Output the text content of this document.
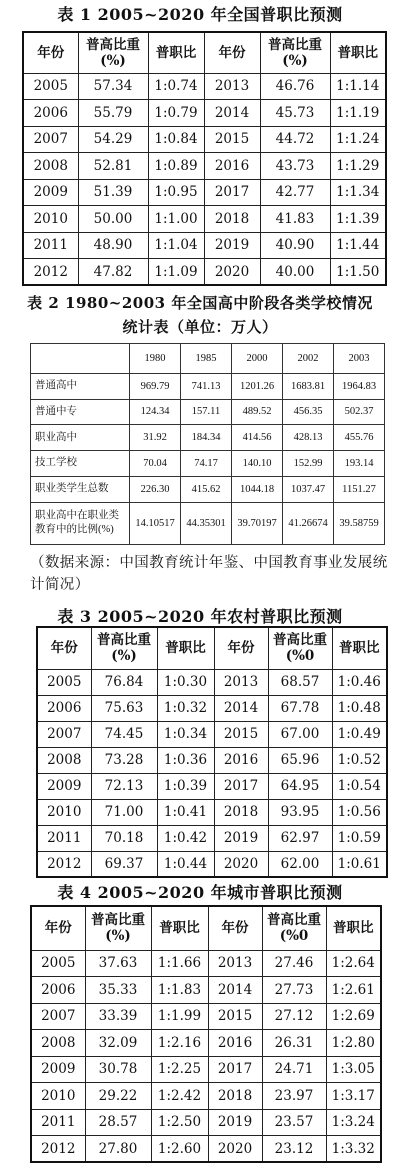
表 1 2005~2020 年全国普职比预测
年份	普高比重(%)	普职比	年份	普高比重(%)	普职比
2005	57.34	1:0.74	2013	46.76	1:1.14
2006	55.79	1:0.79	2014	45.73	1:1.19
2007	54.29	1:0.84	2015	44.72	1:1.24
2008	52.81	1:0.89	2016	43.73	1:1.29
2009	51.39	1:0.95	2017	42.77	1:1.34
2010	50.00	1:1.00	2018	41.83	1:1.39
2011	48.90	1:1.04	2019	40.90	1:1.44
2012	47.82	1:1.09	2020	40.00	1:1.50
表 2 1980~2003 年全国高中阶段各类学校情况
统计表（单位：万人）
	1980	1985	2000	2002	2003
普通高中	969.79	741.13	1201.26	1683.81	1964.83
普通中专	124.34	157.11	489.52	456.35	502.37
职业高中	31.92	184.34	414.56	428.13	455.76
技工学校	70.04	74.17	140.10	152.99	193.14
职业类学生总数	226.30	415.62	1044.18	1037.47	1151.27
职业高中在职业类教育中的比例(%)	14.10517	44.35301	39.70197	41.26674	39.58759
（数据来源：中国教育统计年鉴、中国教育事业发展统计简况）
表 3 2005~2020 年农村普职比预测
年份	普高比重(%)	普职比	年份	普高比重(%0	普职比
2005	76.84	1:0.30	2013	68.57	1:0.46
2006	75.63	1:0.32	2014	67.78	1:0.48
2007	74.45	1:0.34	2015	67.00	1:0.49
2008	73.28	1:0.36	2016	65.96	1:0.52
2009	72.13	1:0.39	2017	64.95	1:0.54
2010	71.00	1:0.41	2018	93.95	1:0.56
2011	70.18	1:0.42	2019	62.97	1:0.59
2012	69.37	1:0.44	2020	62.00	1:0.61
表 4 2005~2020 年城市普职比预测
年份	普高比重(%)	普职比	年份	普高比重(%0	普职比
2005	37.63	1:1.66	2013	27.46	1:2.64
2006	35.33	1:1.83	2014	27.73	1:2.61
2007	33.39	1:1.99	2015	27.12	1:2.69
2008	32.09	1:2.16	2016	26.31	1:2.80
2009	30.78	1:2.25	2017	24.71	1:3.05
2010	29.22	1:2.42	2018	23.97	1:3.17
2011	28.57	1:2.50	2019	23.57	1:3.24
2012	27.80	1:2.60	2020	23.12	1:3.32
